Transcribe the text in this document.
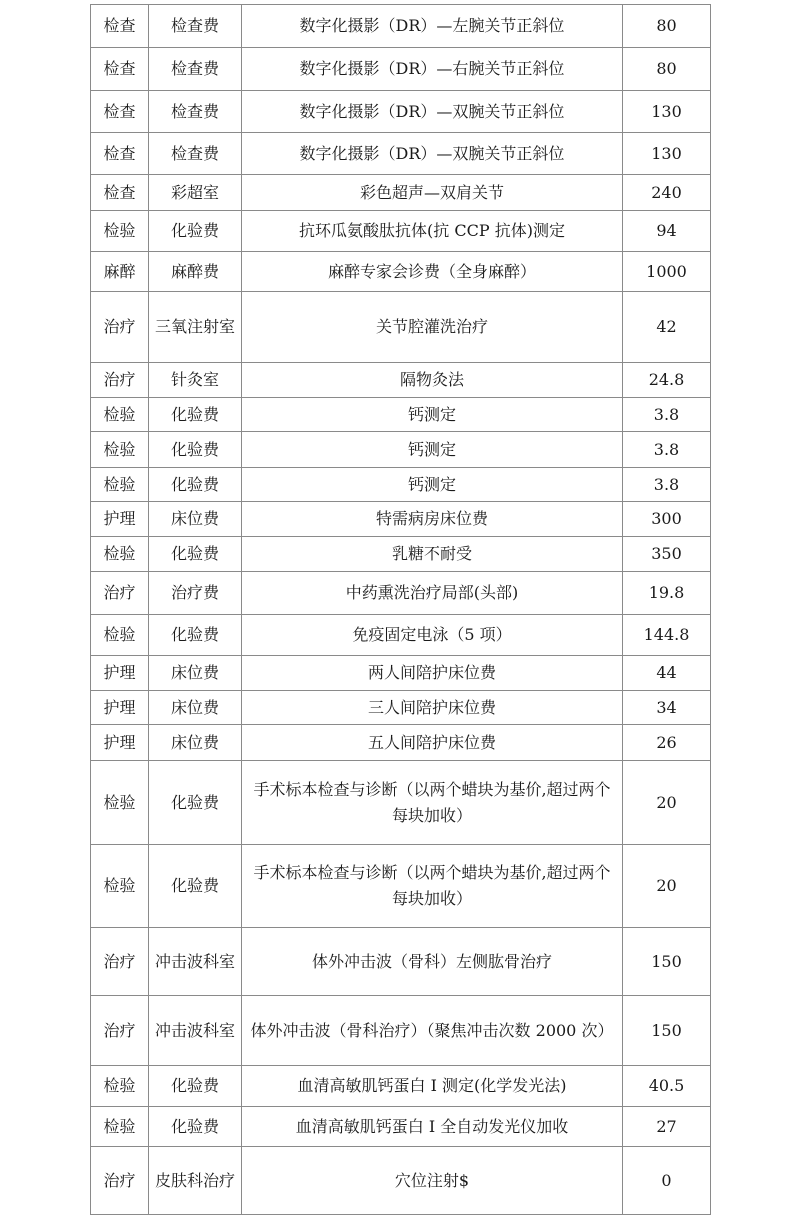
检查	检查费	数字化摄影（DR）—左腕关节正斜位	80
检查	检查费	数字化摄影（DR）—右腕关节正斜位	80
检查	检查费	数字化摄影（DR）—双腕关节正斜位	130
检查	检查费	数字化摄影（DR）—双腕关节正斜位	130
检查	彩超室	彩色超声—双肩关节	240
检验	化验费	抗环瓜氨酸肽抗体(抗 CCP 抗体)测定	94
麻醉	麻醉费	麻醉专家会诊费（全身麻醉）	1000
治疗	三氧注射室	关节腔灌洗治疗	42
治疗	针灸室	隔物灸法	24.8
检验	化验费	钙测定	3.8
检验	化验费	钙测定	3.8
检验	化验费	钙测定	3.8
护理	床位费	特需病房床位费	300
检验	化验费	乳糖不耐受	350
治疗	治疗费	中药熏洗治疗局部(头部)	19.8
检验	化验费	免疫固定电泳（5 项）	144.8
护理	床位费	两人间陪护床位费	44
护理	床位费	三人间陪护床位费	34
护理	床位费	五人间陪护床位费	26
检验	化验费	手术标本检查与诊断（以两个蜡块为基价,超过两个每块加收）	20
检验	化验费	手术标本检查与诊断（以两个蜡块为基价,超过两个每块加收）	20
治疗	冲击波科室	体外冲击波（骨科）左侧肱骨治疗	150
治疗	冲击波科室	体外冲击波（骨科治疗）（聚焦冲击次数 2000 次）	150
检验	化验费	血清高敏肌钙蛋白 I 测定(化学发光法)	40.5
检验	化验费	血清高敏肌钙蛋白 I 全自动发光仪加收	27
治疗	皮肤科治疗	穴位注射$	0
